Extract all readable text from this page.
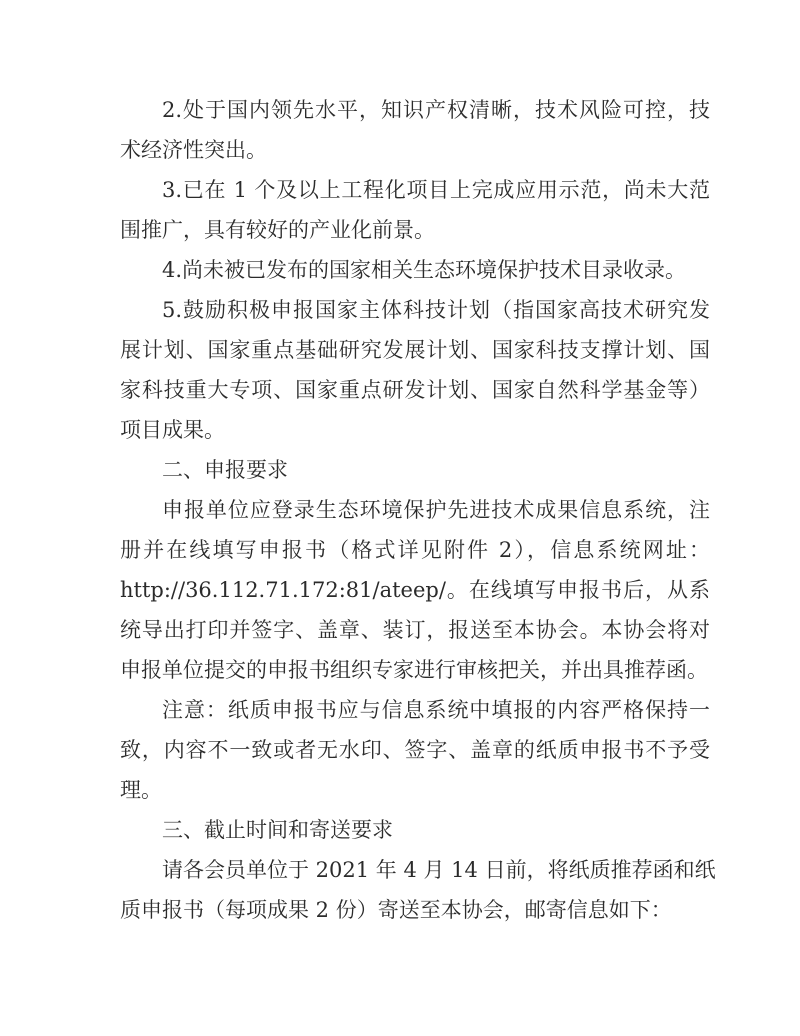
2.处于国内领先水平，知识产权清晰，技术风险可控，技
术经济性突出。
3.已在 1 个及以上工程化项目上完成应用示范，尚未大范
围推广，具有较好的产业化前景。
4.尚未被已发布的国家相关生态环境保护技术目录收录。
5.鼓励积极申报国家主体科技计划（指国家高技术研究发
展计划、国家重点基础研究发展计划、国家科技支撑计划、国
家科技重大专项、国家重点研发计划、国家自然科学基金等）
项目成果。
二、申报要求
申报单位应登录生态环境保护先进技术成果信息系统，注
册并在线填写申报书（格式详见附件 2），信息系统网址：
http://36.112.71.172:81/ateep/。在线填写申报书后，从系
统导出打印并签字、盖章、装订，报送至本协会。本协会将对
申报单位提交的申报书组织专家进行审核把关，并出具推荐函。
注意：纸质申报书应与信息系统中填报的内容严格保持一
致，内容不一致或者无水印、签字、盖章的纸质申报书不予受
理。
三、截止时间和寄送要求
请各会员单位于 2021 年 4 月 14 日前，将纸质推荐函和纸
质申报书（每项成果 2 份）寄送至本协会，邮寄信息如下：
